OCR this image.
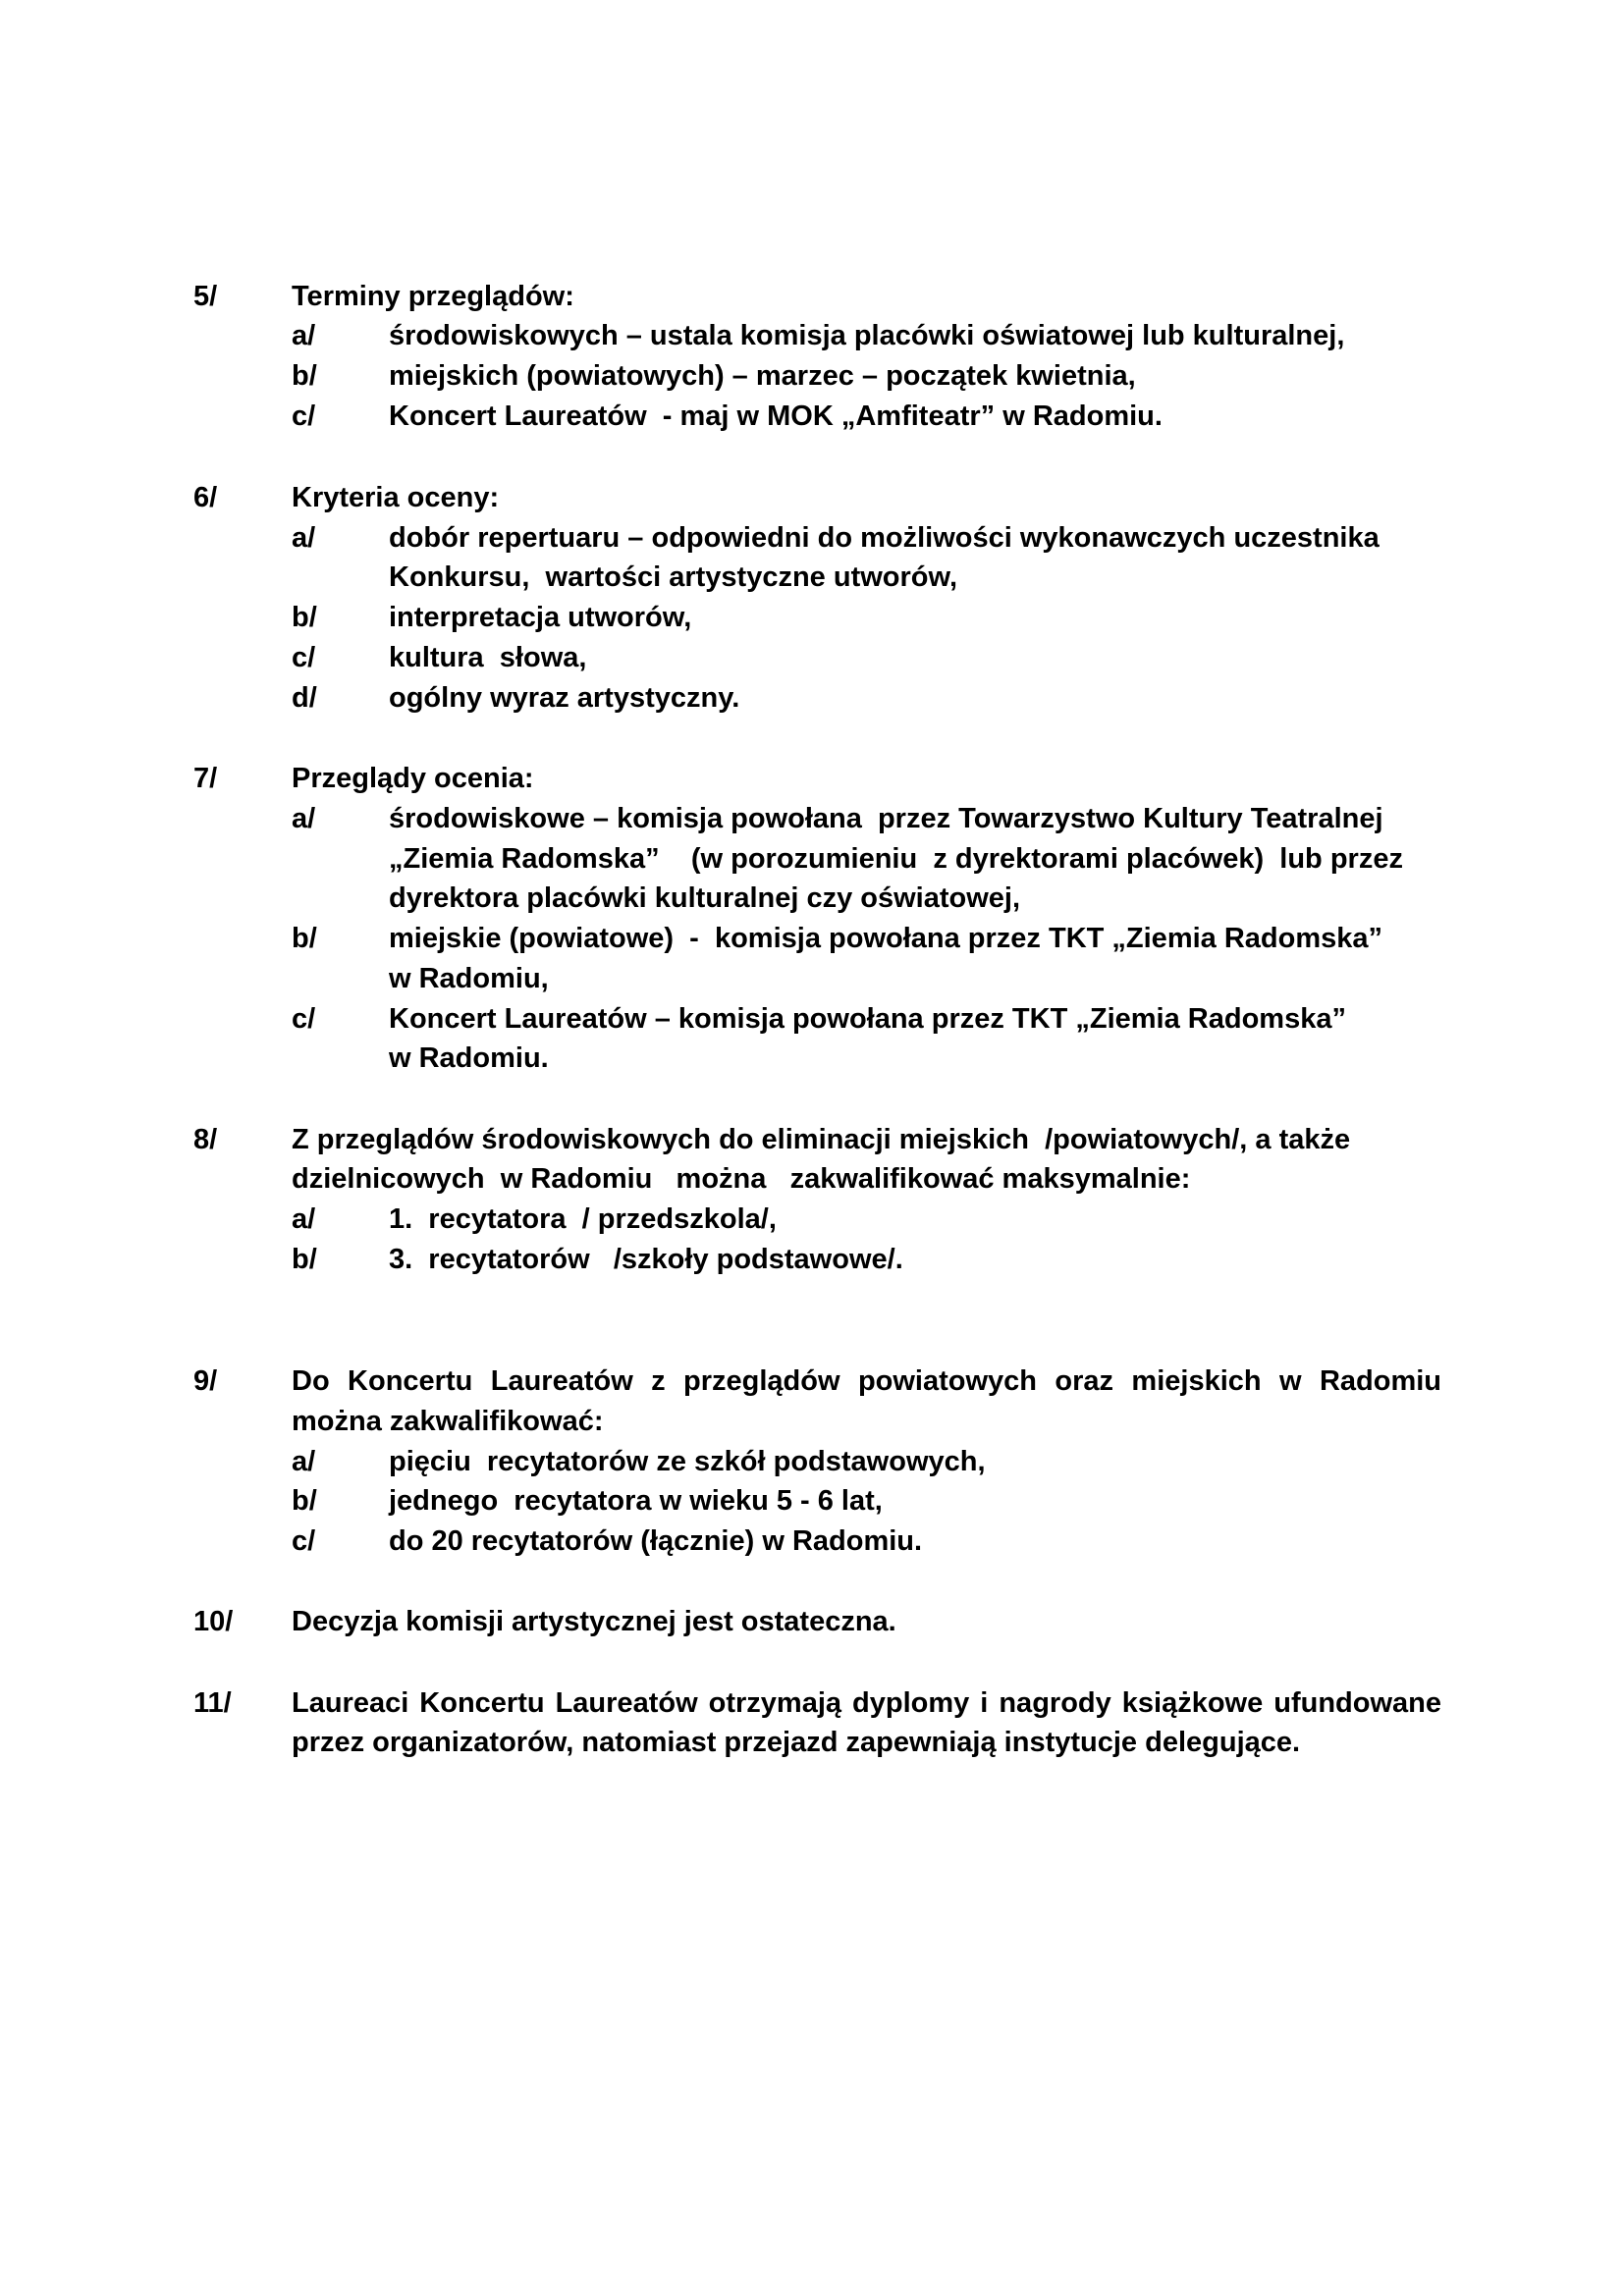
5/	Terminy przeglądów:
a/	środowiskowych – ustala komisja placówki oświatowej lub kulturalnej,
b/	miejskich (powiatowych) – marzec – początek kwietnia,
c/	Koncert Laureatów  - maj w MOK „Amfiteatr” w Radomiu.
6/	Kryteria oceny:
a/	dobór repertuaru – odpowiedni do możliwości wykonawczych uczestnika
Konkursu,  wartości artystyczne utworów,
b/	interpretacja utworów,
c/	kultura  słowa,
d/	ogólny wyraz artystyczny.
7/	Przeglądy ocenia:
a/	środowiskowe – komisja powołana  przez Towarzystwo Kultury Teatralnej
„Ziemia Radomska”    (w porozumieniu  z dyrektorami placówek)  lub przez
dyrektora placówki kulturalnej czy oświatowej,
b/	miejskie (powiatowe)  -  komisja powołana przez TKT „Ziemia Radomska”
w Radomiu,
c/	Koncert Laureatów – komisja powołana przez TKT „Ziemia Radomska”
w Radomiu.
8/	Z przeglądów środowiskowych do eliminacji miejskich  /powiatowych/, a także
dzielnicowych  w Radomiu   można   zakwalifikować maksymalnie:
a/	1.  recytatora  / przedszkola/,
b/	3.  recytatorów   /szkoły podstawowe/.
9/	Do Koncertu Laureatów z przeglądów powiatowych oraz miejskich w Radomiu
można zakwalifikować:
a/	pięciu  recytatorów ze szkół podstawowych,
b/	jednego  recytatora w wieku 5 - 6 lat,
c/	do 20 recytatorów (łącznie) w Radomiu.
10/ Decyzja komisji artystycznej jest ostateczna.
11/ Laureaci Koncertu Laureatów otrzymają dyplomy i nagrody książkowe ufundowane
przez organizatorów, natomiast przejazd zapewniają instytucje delegujące.
